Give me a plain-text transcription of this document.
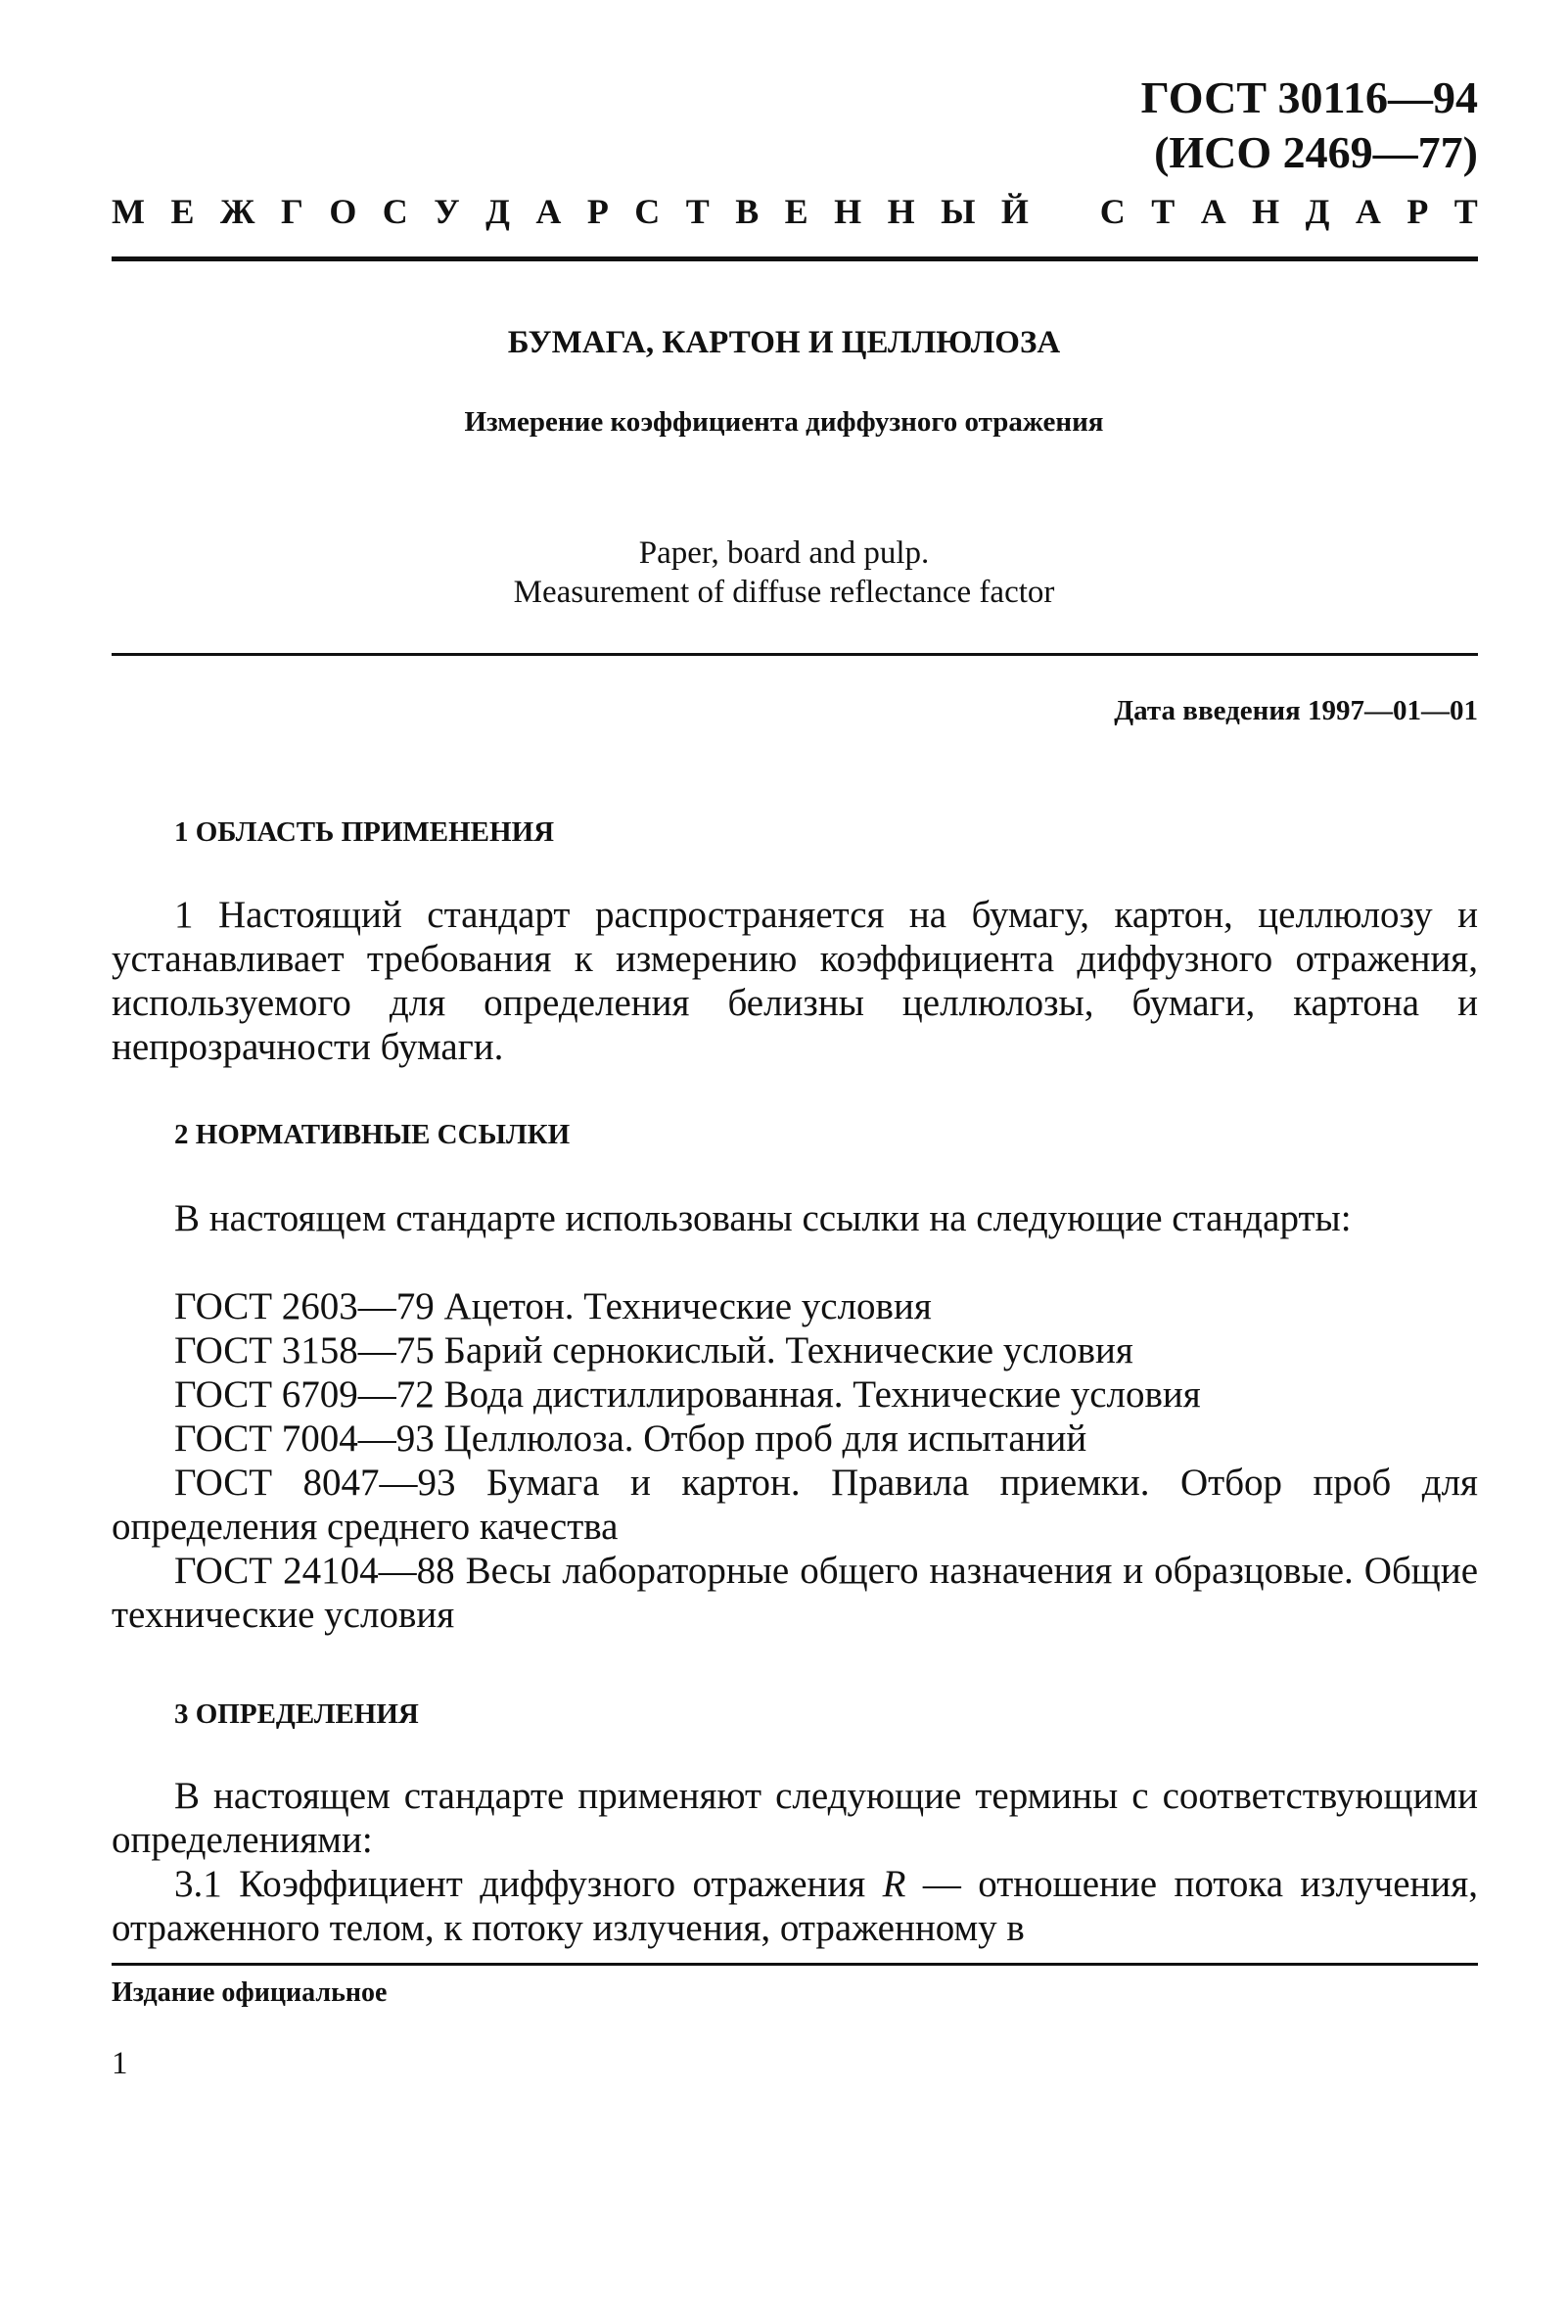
ГОСТ 30116—94
(ИСО 2469—77)
М Е Ж Г О С У Д А Р С Т В Е Н Н Ы Й С Т А Н Д А Р Т
БУМАГА, КАРТОН И ЦЕЛЛЮЛОЗА
Измерение коэффициента диффузного отражения
Paper, board and pulp.
Measurement of diffuse reflectance factor
Дата введения 1997—01—01
1 ОБЛАСТЬ ПРИМЕНЕНИЯ
1 Настоящий стандарт распространяется на бумагу, картон, целлюлозу и устанавливает требования к измерению коэффициента диффузного отражения, используемого для определения белизны целлюлозы, бумаги, картона и непрозрачности бумаги.
2 НОРМАТИВНЫЕ ССЫЛКИ
В настоящем стандарте использованы ссылки на следующие стандарты:

ГОСТ 2603—79 Ацетон. Технические условия

ГОСТ 3158—75 Барий сернокислый. Технические условия

ГОСТ 6709—72 Вода дистиллированная. Технические условия

ГОСТ 7004—93 Целлюлоза. Отбор проб для испытаний

ГОСТ 8047—93 Бумага и картон. Правила приемки. Отбор проб для определения среднего качества

ГОСТ 24104—88 Весы лабораторные общего назначения и образцовые. Общие технические условия

3 ОПРЕДЕЛЕНИЯ
В настоящем стандарте применяют следующие термины с соответствующими определениями:
3.1 Коэффициент диффузного отражения R — отношение потока излучения, отраженного телом, к потоку излучения, отраженному в
Издание официальное
1
